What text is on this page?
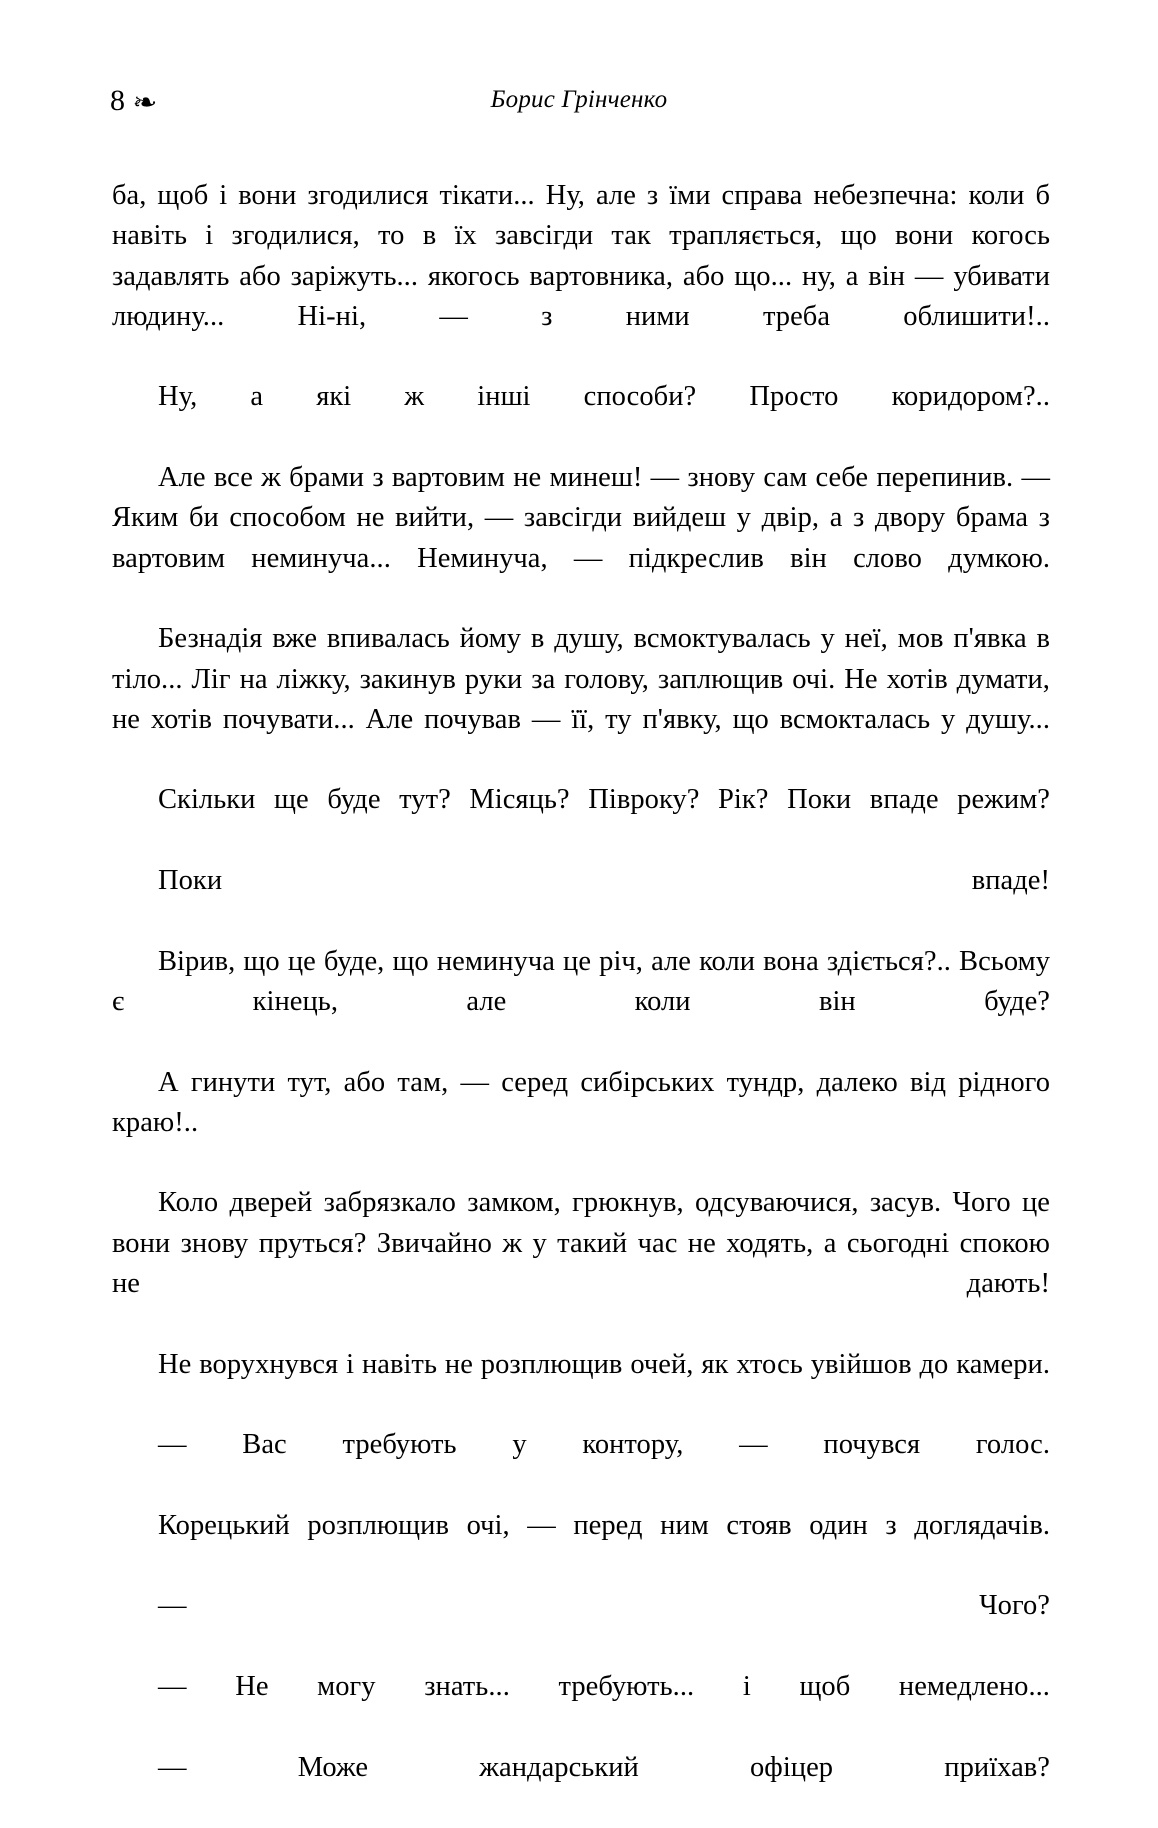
8 ❧	Борис Грінченко

ба, щоб і вони згодилися тікати... Ну, але з їми справа небезпечна: коли б навіть і згодилися, то в їх завсігди так трапляється, що вони когось задавлять або заріжуть... якогось вартовника, або що... ну, а він — убивати людину... Ні-ні, — з ними треба облишити!..

Ну, а які ж інші способи? Просто коридором?..

Але все ж брами з вартовим не минеш! — знову сам себе перепинив. — Яким би способом не вийти, — завсігди вийдеш у двір, а з двору брама з вартовим неминуча... Неминуча, — підкреслив він слово думкою.

Безнадія вже впивалась йому в душу, всмоктувалась у неї, мов п'явка в тіло... Ліг на ліжку, закинув руки за голову, заплющив очі. Не хотів думати, не хотів почувати... Але почував — її, ту п'явку, що всмокталась у душу...

Скільки ще буде тут? Місяць? Півроку? Рік? Поки впаде режим?

Поки впаде!

Вірив, що це буде, що неминуча це річ, але коли вона здіється?.. Всьому є кінець, але коли він буде?

А гинути тут, або там, — серед сибірських тундр, далеко від рідного краю!..

Коло дверей забрязкало замком, грюкнув, одсуваючися, засув. Чого це вони знову пруться? Звичайно ж у такий час не ходять, а сьогодні спокою не дають!

Не ворухнувся і навіть не розплющив очей, як хтось увійшов до камери.

— Вас требують у контору, — почувся голос.

Корецький розплющив очі, — перед ним стояв один з доглядачів.

— Чого?

— Не могу знать... требують... і щоб немедлено...

— Може жандарський офіцер приїхав?
